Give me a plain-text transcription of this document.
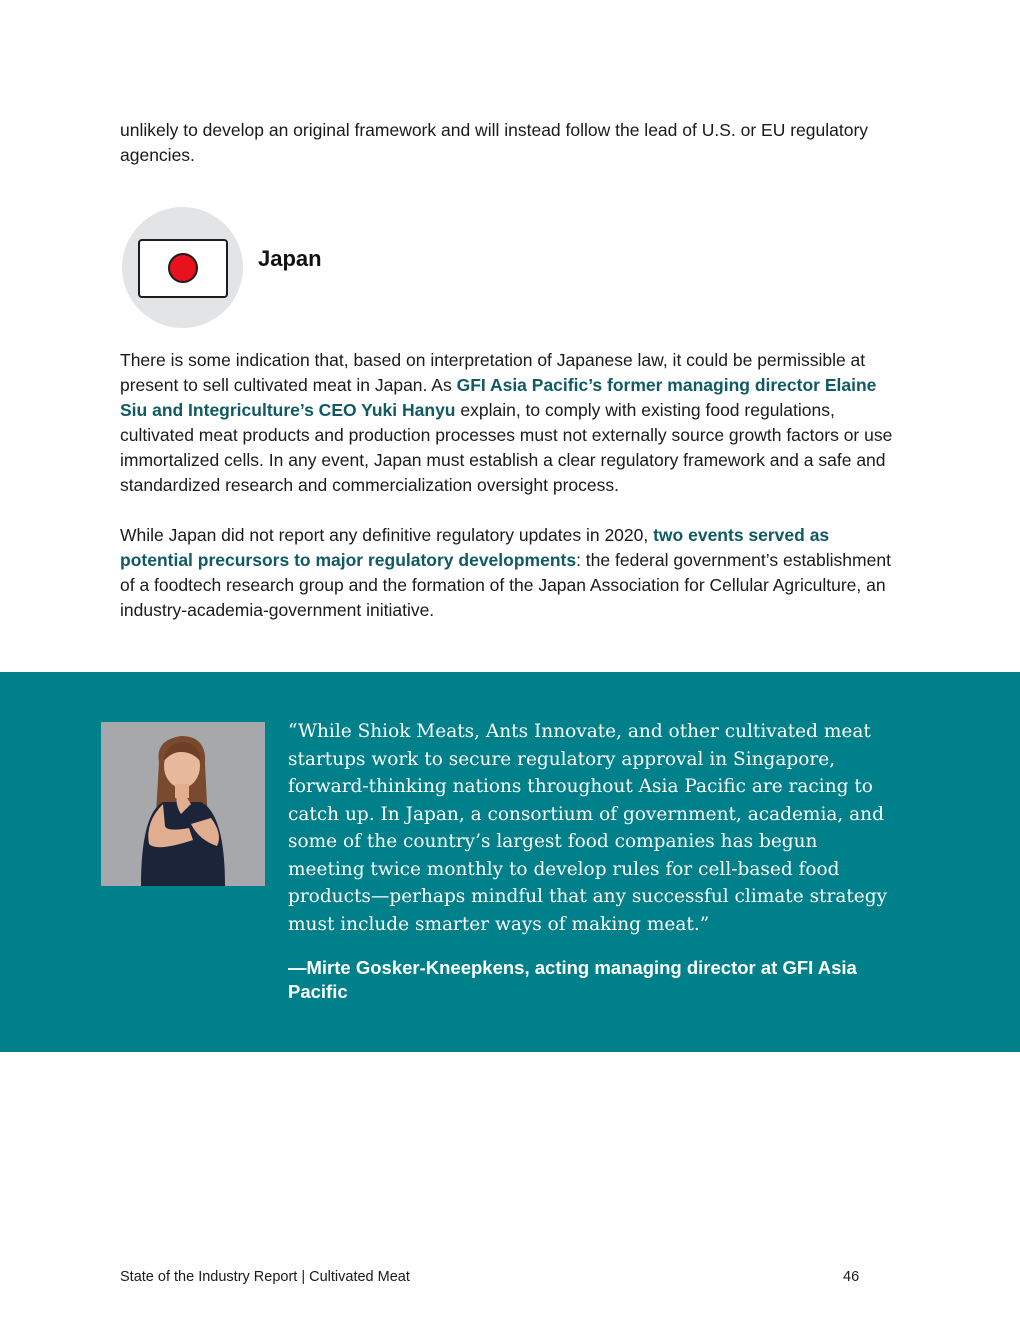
unlikely to develop an original framework and will instead follow the lead of U.S. or EU regulatory agencies.

Japan

There is some indication that, based on interpretation of Japanese law, it could be permissible at present to sell cultivated meat in Japan. As GFI Asia Pacific’s former managing director Elaine Siu and Integriculture’s CEO Yuki Hanyu explain, to comply with existing food regulations, cultivated meat products and production processes must not externally source growth factors or use immortalized cells. In any event, Japan must establish a clear regulatory framework and a safe and standardized research and commercialization oversight process.

While Japan did not report any definitive regulatory updates in 2020, two events served as potential precursors to major regulatory developments: the federal government’s establishment of a foodtech research group and the formation of the Japan Association for Cellular Agriculture, an industry-academia-government initiative.

“While Shiok Meats, Ants Innovate, and other cultivated meat startups work to secure regulatory approval in Singapore, forward-thinking nations throughout Asia Pacific are racing to catch up. In Japan, a consortium of government, academia, and some of the country’s largest food companies has begun meeting twice monthly to develop rules for cell-based food products—perhaps mindful that any successful climate strategy must include smarter ways of making meat.”

—Mirte Gosker-Kneepkens, acting managing director at GFI Asia Pacific

State of the Industry Report | Cultivated Meat	46
